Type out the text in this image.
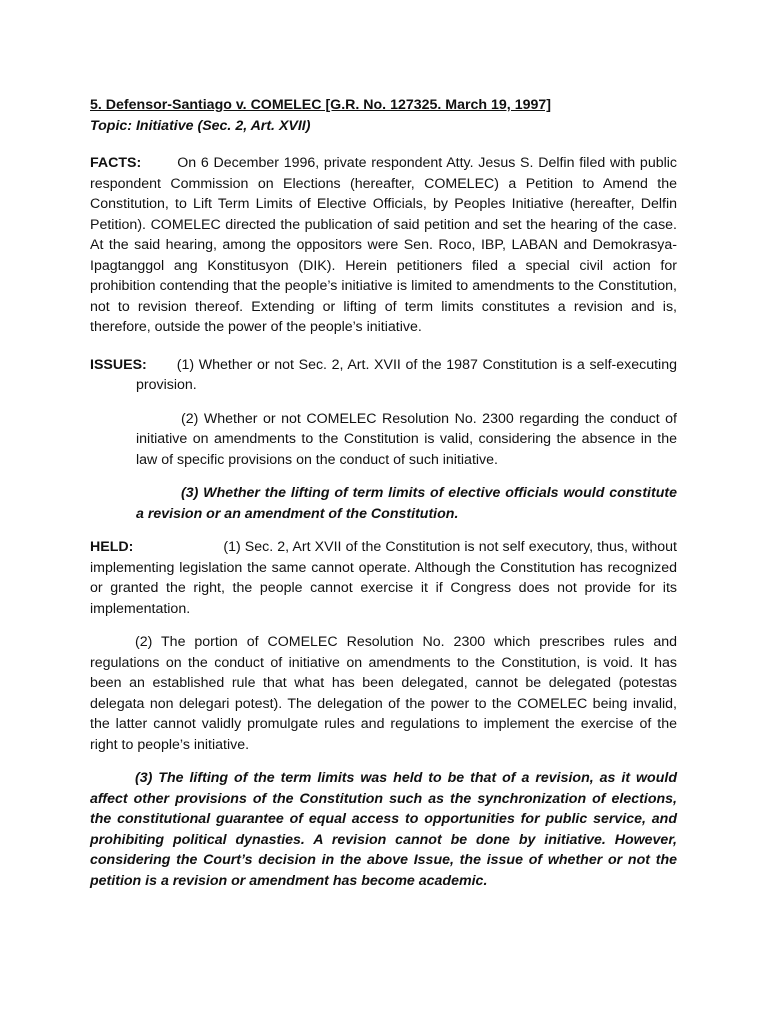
5. Defensor-Santiago v. COMELEC [G.R. No. 127325. March 19, 1997]

Topic: Initiative (Sec. 2, Art. XVII)

FACTS:	On 6 December 1996, private respondent Atty. Jesus S. Delfin filed with public respondent Commission on Elections (hereafter, COMELEC) a Petition to Amend the Constitution, to Lift Term Limits of Elective Officials, by Peoples Initiative (hereafter, Delfin Petition). COMELEC directed the publication of said petition and set the hearing of the case. At the said hearing, among the oppositors were Sen. Roco, IBP, LABAN and Demokrasya-Ipagtanggol ang Konstitusyon (DIK). Herein petitioners filed a special civil action for prohibition contending that the people’s initiative is limited to amendments to the Constitution, not to revision thereof. Extending or lifting of term limits constitutes a revision and is, therefore, outside the power of the people’s initiative.

ISSUES: (1) Whether or not Sec. 2, Art. XVII of the 1987 Constitution is a self-executing provision.

(2) Whether or not COMELEC Resolution No. 2300 regarding the conduct of initiative on amendments to the Constitution is valid, considering the absence in the law of specific provisions on the conduct of such initiative.

(3) Whether the lifting of term limits of elective officials would constitute a revision or an amendment of the Constitution.

HELD:	(1) Sec. 2, Art XVII of the Constitution is not self executory, thus, without implementing legislation the same cannot operate. Although the Constitution has recognized or granted the right, the people cannot exercise it if Congress does not provide for its implementation.

(2) The portion of COMELEC Resolution No. 2300 which prescribes rules and regulations on the conduct of initiative on amendments to the Constitution, is void. It has been an established rule that what has been delegated, cannot be delegated (potestas delegata non delegari potest). The delegation of the power to the COMELEC being invalid, the latter cannot validly promulgate rules and regulations to implement the exercise of the right to people’s initiative.

(3) The lifting of the term limits was held to be that of a revision, as it would affect other provisions of the Constitution such as the synchronization of elections, the constitutional guarantee of equal access to opportunities for public service, and prohibiting political dynasties. A revision cannot be done by initiative. However, considering the Court’s decision in the above Issue, the issue of whether or not the petition is a revision or amendment has become academic.
